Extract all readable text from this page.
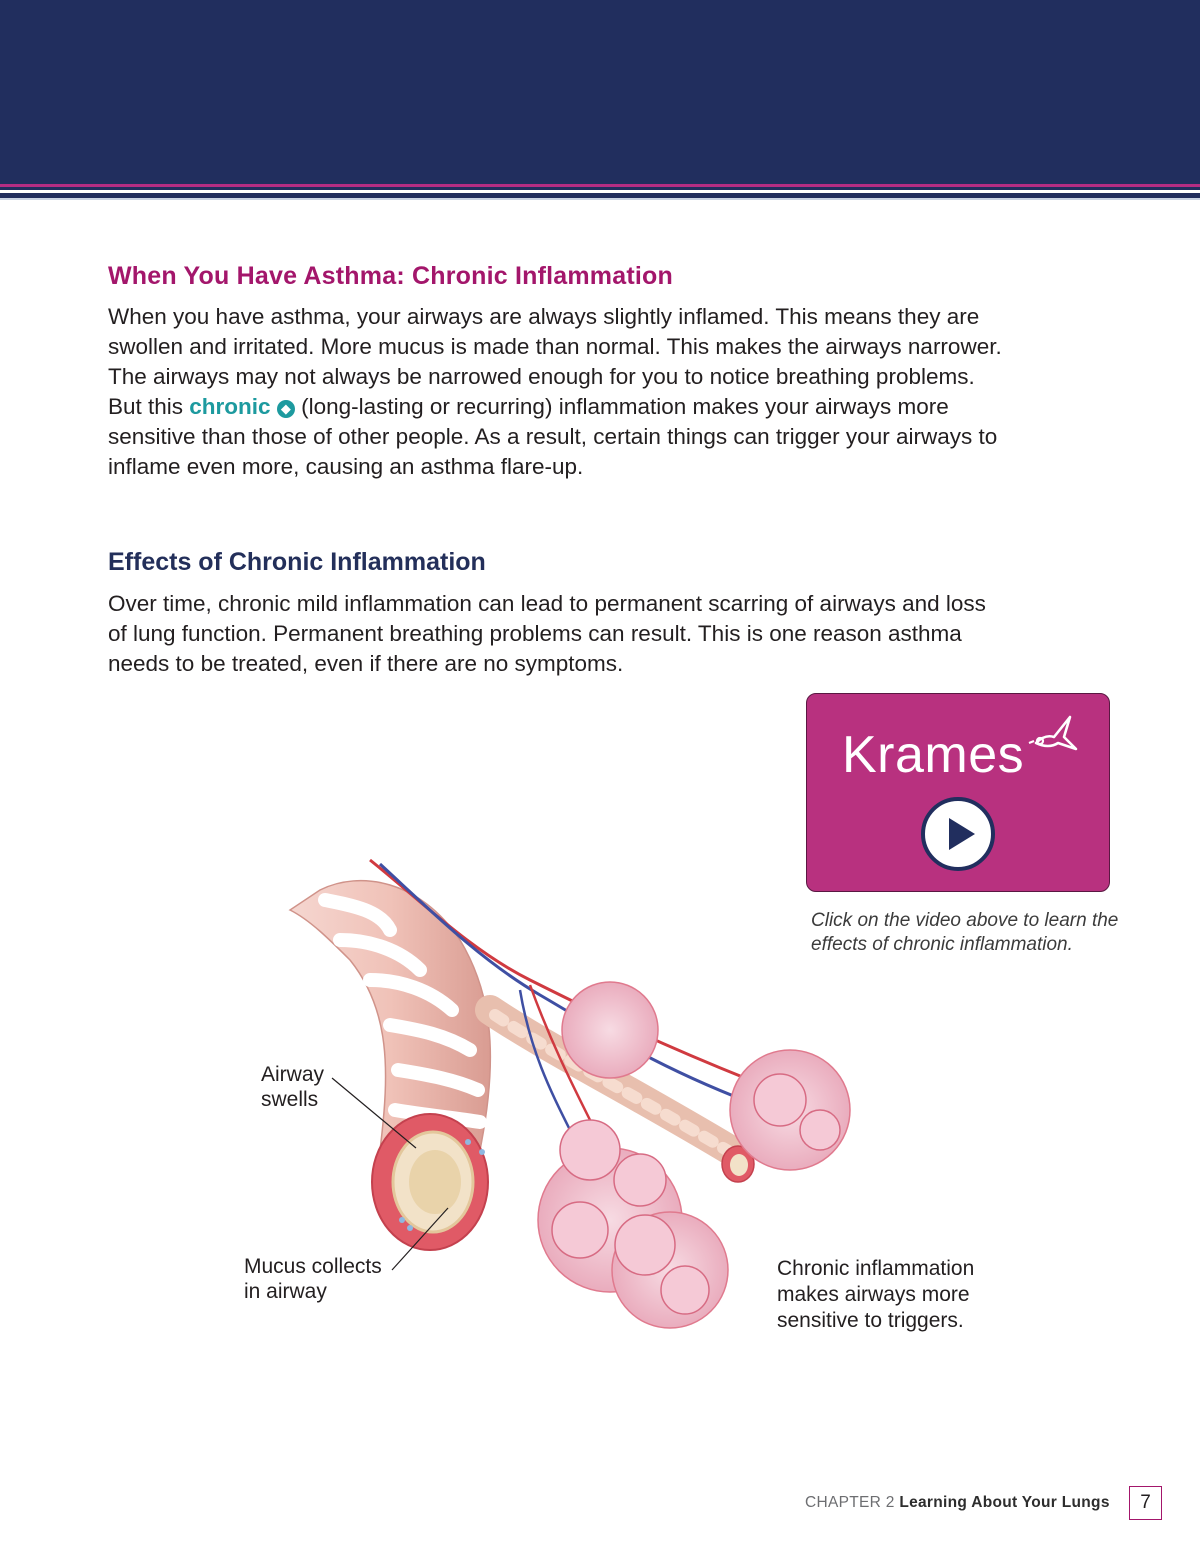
When You Have Asthma: Chronic Inflammation

When you have asthma, your airways are always slightly inflamed. This means they are swollen and irritated. More mucus is made than normal. This makes the airways narrower. The airways may not always be narrowed enough for you to notice breathing problems. But this chronic ◆ (long-lasting or recurring) inflammation makes your airways more sensitive than those of other people. As a result, certain things can trigger your airways to inflame even more, causing an asthma flare-up.

Effects of Chronic Inflammation

Over time, chronic mild inflammation can lead to permanent scarring of airways and loss of lung function. Permanent breathing problems can result. This is one reason asthma needs to be treated, even if there are no symptoms.

Krames

Click on the video above to learn the effects of chronic inflammation.

Airway
swells

Mucus collects
in airway

Chronic inflammation
makes airways more
sensitive to triggers.

CHAPTER 2 Learning About Your Lungs	7
